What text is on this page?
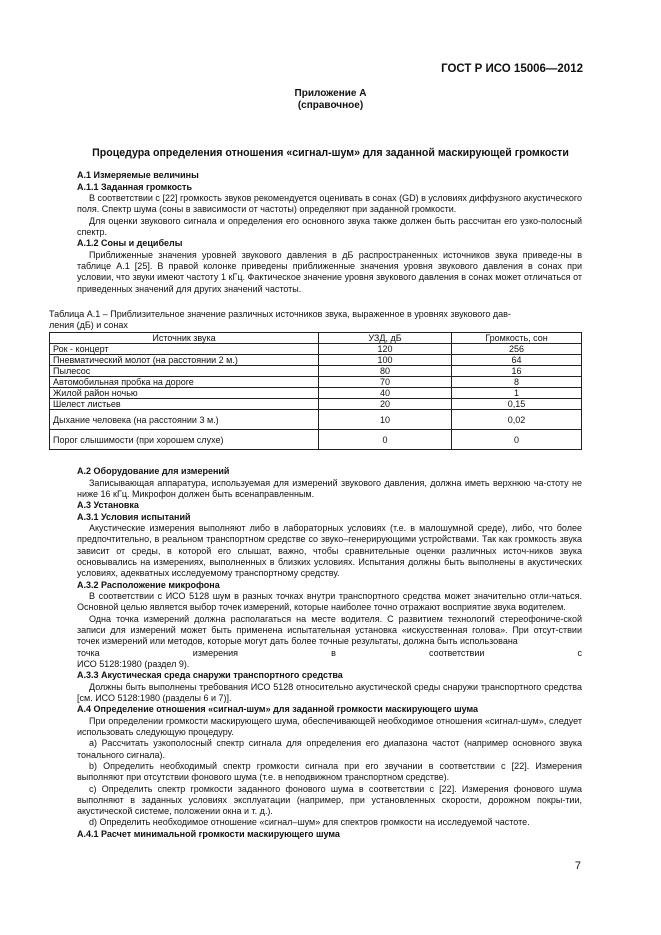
ГОСТ Р ИСО 15006—2012
Приложение А
(справочное)
Процедура определения отношения «сигнал-шум» для заданной маскирующей громкости
А.1 Измеряемые величины
А.1.1 Заданная громкость
В соответствии с [22] громкость звуков рекомендуется оценивать в сонах (GD) в условиях диффузного акустического поля. Спектр шума (соны в зависимости от частоты) определяют при заданной громкости.
Для оценки звукового сигнала и определения его основного звука также должен быть рассчитан его узко-полосный спектр.
А.1.2 Соны и децибелы
Приближенные значения уровней звукового давления в дБ распространенных источников звука приведе-ны в таблице А.1 [25]. В правой колонке приведены приближенные значения уровня звукового давления в сонах при условии, что звуки имеют частоту 1 кГц. Фактическое значение уровня звукового давления в сонах может отличаться от приведенных значений для других значений частоты.
Таблица А.1 – Приблизительное значение различных источников звука, выраженное в уровнях звукового дав-
ления (дБ) и сонах
Источник звука	УЗД, дБ	Громкость, сон
Рок - концерт	120	256
Пневматический молот (на расстоянии 2 м.)	100	64
Пылесос	80	16
Автомобильная пробка на дороге	70	8
Жилой район ночью	40	1
Шелест листьев	20	0,15
Дыхание человека (на расстоянии 3 м.)	10	0,02
Порог слышимости (при хорошем слухе)	0	0
А.2 Оборудование для измерений
Записывающая аппаратура, используемая для измерений звукового давления, должна иметь верхнюю ча-стоту не ниже 16 кГц. Микрофон должен быть всенаправленным.
А.3 Установка
А.3.1 Условия испытаний
Акустические измерения выполняют либо в лабораторных условиях (т.е. в малошумной среде), либо, что более предпочтительно, в реальном транспортном средстве со звуко–генерирующими устройствами. Так как громкость звука зависит от среды, в которой его слышат, важно, чтобы сравнительные оценки различных источ-ников звука основывались на измерениях, выполненных в близких условиях. Испытания должны быть выполнены в акустических условиях, адекватных исследуемому транспортному средству.
А.3.2 Расположение микрофона
В соответствии с ИСО 5128 шум в разных точках внутри транспортного средства может значительно отли-чаться. Основной целью является выбор точек измерений, которые наиболее точно отражают восприятие звука водителем.
Одна точка измерений должна располагаться на месте водителя. С развитием технологий стереофониче-ской записи для измерений может быть применена испытательная установка «искусственная голова». При отсут-ствии точек измерений или методов, которые могут дать более точные результаты, должна быть использована
точка	измерения	в	соответствии	с
ИСО 5128:1980 (раздел 9).
А.3.3 Акустическая среда снаружи транспортного средства
Должны быть выполнены требования ИСО 5128 относительно акустической среды снаружи транспортного средства [см. ИСО 5128:1980 (разделы 6 и 7)].
А.4 Определение отношения «сигнал-шум» для заданной громкости маскирующего шума
При определении громкости маскирующего шума, обеспечивающей необходимое отношения «сигнал-шум», следует использовать следующую процедуру.
а) Рассчитать узкополосный спектр сигнала для определения его диапазона частот (например основного звука тонального сигнала).
b) Определить необходимый спектр громкости сигнала при его звучании в соответствии с [22]. Измерения выполняют при отсутствии фонового шума (т.е. в неподвижном транспортном средстве).
c) Определить спектр громкости заданного фонового шума в соответствии с [22]. Измерения фонового шума выполняют в заданных условиях эксплуатации (например, при установленных скорости, дорожном покры-тии, акустической системе, положении окна и т. д.).
d) Определить необходимое отношение «сигнал–шум» для спектров громкости на исследуемой частоте.
А.4.1 Расчет минимальной громкости маскирующего шума
7
